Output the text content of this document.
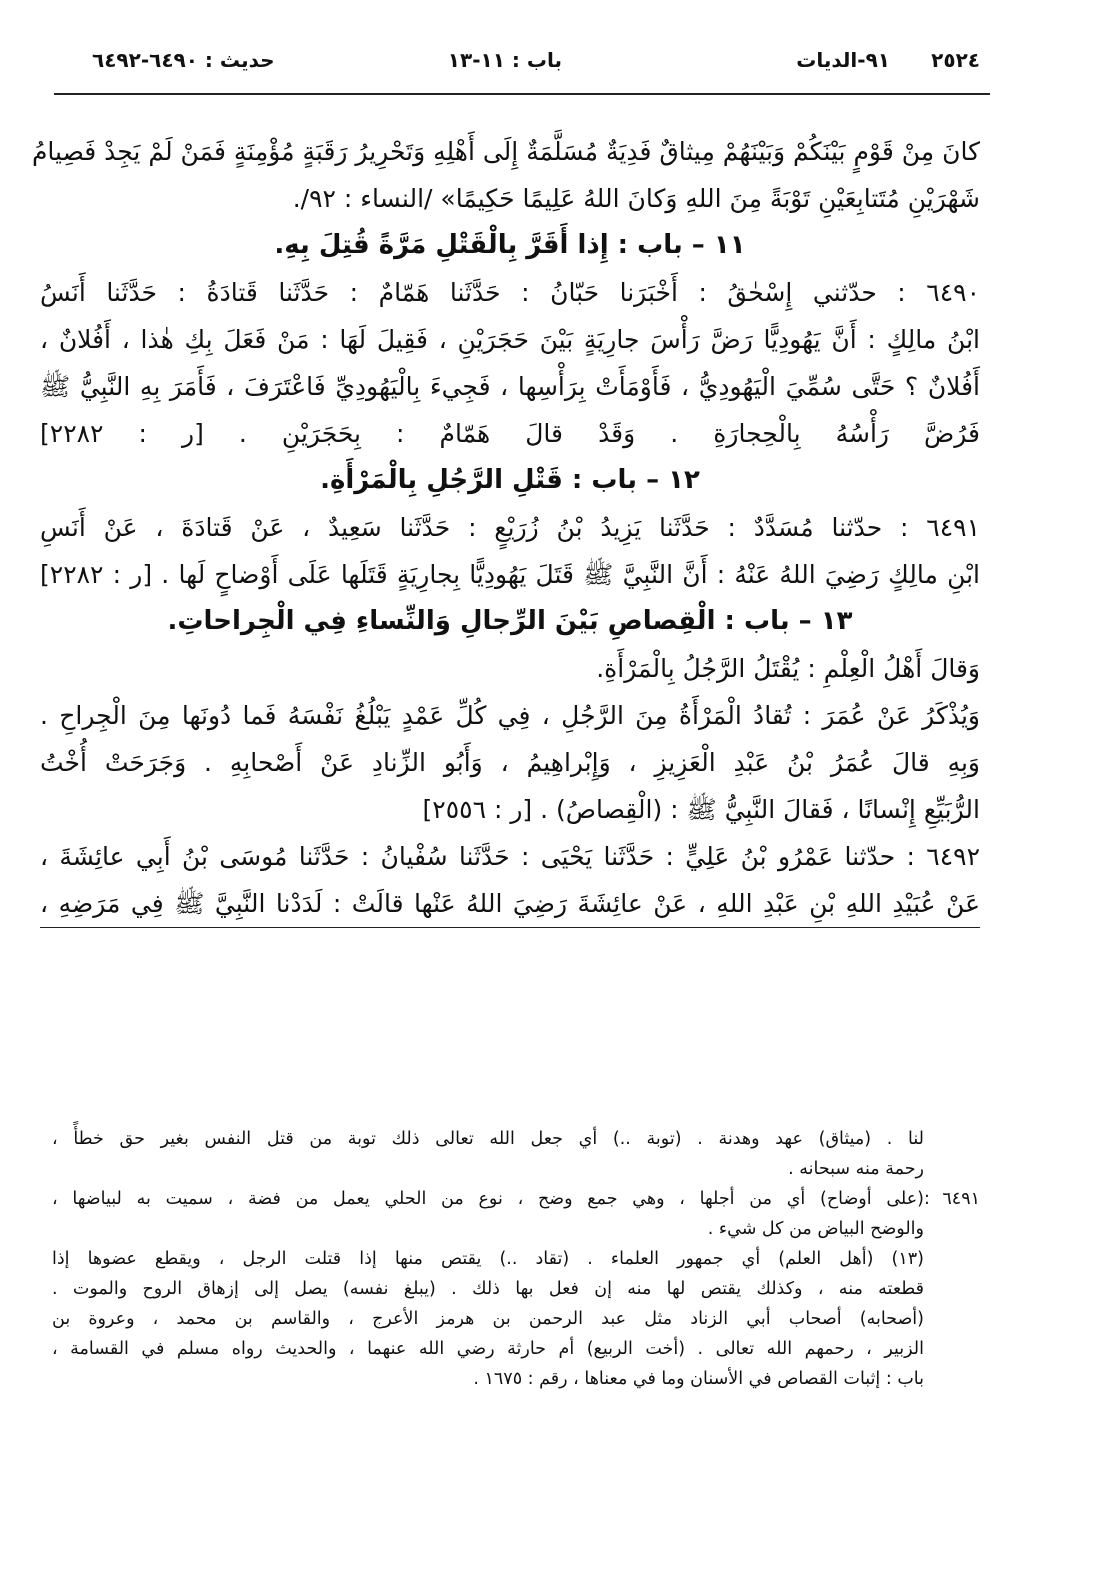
٢٥٢٤
٩١-الديات
باب : ١١-١٣
حديث : ٦٤٩٠-٦٤٩٢
كانَ مِنْ قَوْمٍ بَيْنَكُمْ وَبَيْنَهُمْ مِيثاقٌ فَدِيَةٌ مُسَلَّمَةٌ إِلَى أَهْلِهِ وَتَحْرِيرُ رَقَبَةٍ مُؤْمِنَةٍ فَمَنْ لَمْ يَجِدْ فَصِيامُ
شَهْرَيْنِ مُتَتابِعَيْنِ تَوْبَةً مِنَ اللهِ وَكانَ اللهُ عَلِيمًا حَكِيمًا» /النساء : ٩٢/.
١١ – باب : إِذا أَقَرَّ بِالْقَتْلِ مَرَّةً قُتِلَ بِهِ.
٦٤٩٠ : حدّثني إِسْحٰقُ : أَخْبَرَنا حَبّانُ : حَدَّثَنا هَمّامٌ : حَدَّثَنا قَتادَةُ : حَدَّثَنا أَنَسُ
ابْنُ مالِكٍ : أَنَّ يَهُودِيًّا رَضَّ رَأْسَ جارِيَةٍ بَيْنَ حَجَرَيْنِ ، فَقِيلَ لَهَا : مَنْ فَعَلَ بِكِ هٰذا ، أَفُلانٌ ،
أَفُلانٌ ؟ حَتَّى سُمِّيَ الْيَهُودِيُّ ، فَأَوْمَأَتْ بِرَأْسِها ، فَجِيءَ بِالْيَهُودِيِّ فَاعْتَرَفَ ، فَأَمَرَ بِهِ النَّبِيُّ ﷺ
فَرُضَّ رَأْسُهُ بِالْحِجارَةِ . وَقَدْ قالَ هَمّامٌ : بِحَجَرَيْنِ . [ر : ٢٢٨٢]
١٢ – باب : قَتْلِ الرَّجُلِ بِالْمَرْأَةِ.
٦٤٩١ : حدّثنا مُسَدَّدٌ : حَدَّثَنا يَزِيدُ بْنُ زُرَيْعٍ : حَدَّثَنا سَعِيدٌ ، عَنْ قَتادَةَ ، عَنْ أَنَسِ
ابْنِ مالِكٍ رَضِيَ اللهُ عَنْهُ : أَنَّ النَّبِيَّ ﷺ قَتَلَ يَهُودِيًّا بِجارِيَةٍ قَتَلَها عَلَى أَوْضاحٍ لَها . [ر : ٢٢٨٢]
١٣ – باب : الْقِصاصِ بَيْنَ الرِّجالِ وَالنِّساءِ فِي الْجِراحاتِ.
وَقالَ أَهْلُ الْعِلْمِ : يُقْتَلُ الرَّجُلُ بِالْمَرْأَةِ.
وَيُذْكَرُ عَنْ عُمَرَ : تُقادُ الْمَرْأَةُ مِنَ الرَّجُلِ ، فِي كُلِّ عَمْدٍ يَبْلُغُ نَفْسَهُ فَما دُونَها مِنَ الْجِراحِ .
وَبِهِ قالَ عُمَرُ بْنُ عَبْدِ الْعَزِيزِ ، وَإِبْراهِيمُ ، وَأَبُو الزِّنادِ عَنْ أَصْحابِهِ . وَجَرَحَتْ أُخْتُ
الرُّبَيِّعِ إِنْسانًا ، فَقالَ النَّبِيُّ ﷺ : (الْقِصاصُ) . [ر : ٢٥٥٦]
٦٤٩٢ : حدّثنا عَمْرُو بْنُ عَلِيٍّ : حَدَّثَنا يَحْيَى : حَدَّثَنا سُفْيانُ : حَدَّثَنا مُوسَى بْنُ أَبِي عائِشَةَ ،
عَنْ عُبَيْدِ اللهِ بْنِ عَبْدِ اللهِ ، عَنْ عائِشَةَ رَضِيَ اللهُ عَنْها قالَتْ : لَدَدْنا النَّبِيَّ ﷺ فِي مَرَضِهِ ،
لنا . (ميثاق) عهد وهدنة . (توبة ..) أي جعل الله تعالى ذلك توبة من قتل النفس بغير حق خطأً ،
رحمة منه سبحانه .
٦٤٩١ :
(على أوضاح) أي من أجلها ، وهي جمع وضح ، نوع من الحلي يعمل من فضة ، سميت به لبياضها ،
والوضح البياض من كل شيء .
(١٣) (أهل العلم) أي جمهور العلماء . (تقاد ..) يقتص منها إذا قتلت الرجل ، ويقطع عضوها إذا
قطعته منه ، وكذلك يقتص لها منه إن فعل بها ذلك . (يبلغ نفسه) يصل إلى إزهاق الروح والموت .
(أصحابه) أصحاب أبي الزناد مثل عبد الرحمن بن هرمز الأعرج ، والقاسم بن محمد ، وعروة بن
الزبير ، رحمهم الله تعالى . (أخت الربيع) أم حارثة رضي الله عنهما ، والحديث رواه مسلم في القسامة ،
باب : إثبات القصاص في الأسنان وما في معناها ، رقم : ١٦٧٥ .
